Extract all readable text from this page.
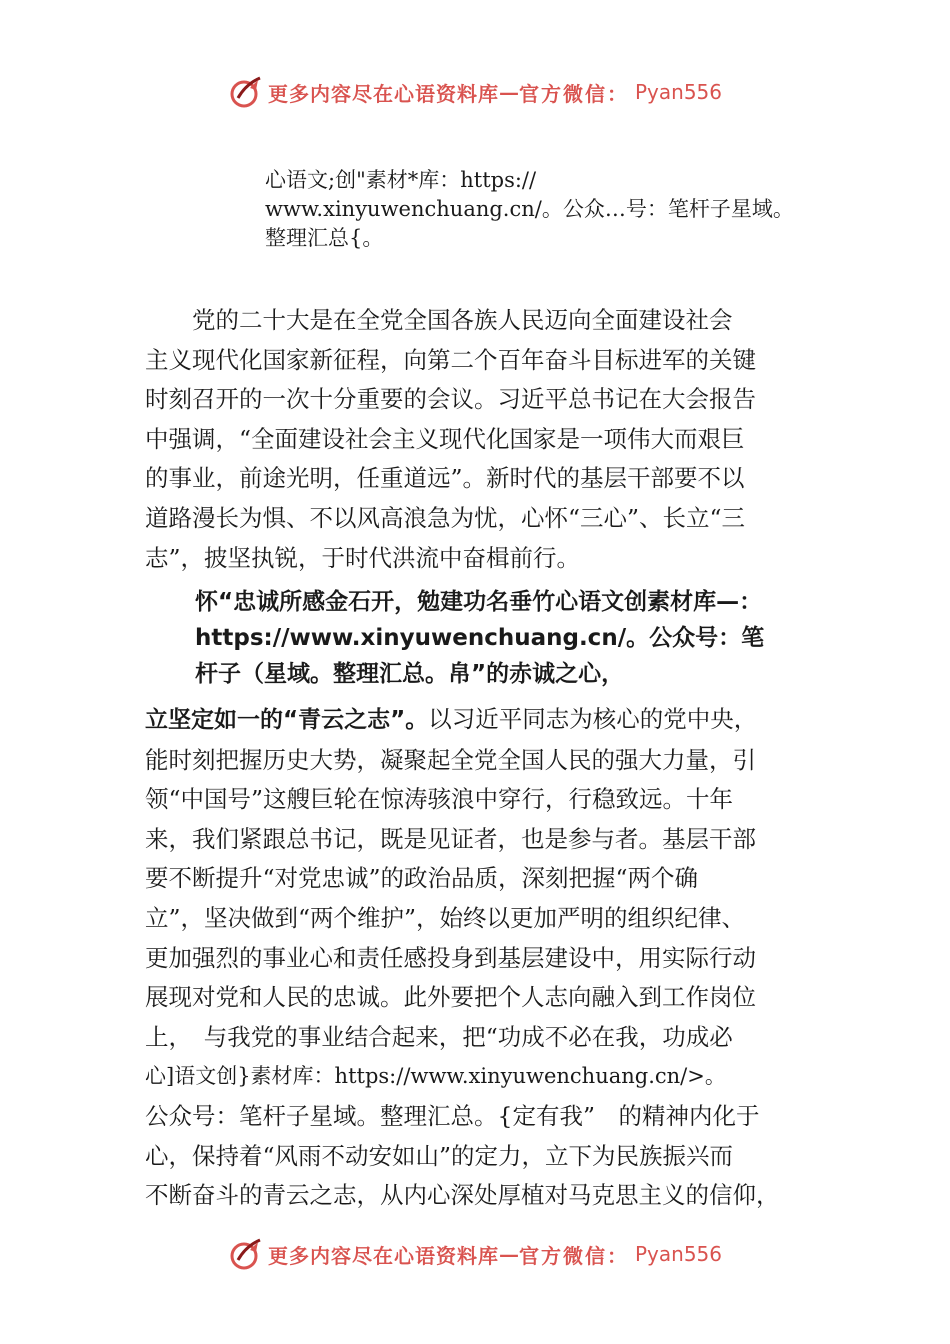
更多内容尽在心语资料库 — 官方微信： Pyan556
心语文;创"素材*库：https://
www.xinyuwenchuang.cn/。公众…号：笔杆子星域。
整理汇总{。
　　党的二十大是在全党全国各族人民迈向全面建设社会
主义现代化国家新征程，向第二个百年奋斗目标进军的关键
时刻召开的一次十分重要的会议。习近平总书记在大会报告
中强调，“全面建设社会主义现代化国家是一项伟大而艰巨
的事业，前途光明，任重道远”。新时代的基层干部要不以
道路漫长为惧、不以风高浪急为忧，心怀“三心”、长立“三
志”，披坚执锐，于时代洪流中奋楫前行。
怀“忠诚所感金石开，勉建功名垂竹心语文创素材库—：
https://www.xinyuwenchuang.cn/。公众号：笔
杆子（星域。整理汇总。帛”的赤诚之心，
立坚定如一的“青云之志”。以习近平同志为核心的党中央，
能时刻把握历史大势，凝聚起全党全国人民的强大力量，引
领“中国号”这艘巨轮在惊涛骇浪中穿行，行稳致远。十年
来，我们紧跟总书记，既是见证者，也是参与者。基层干部
要不断提升“对党忠诚”的政治品质，深刻把握“两个确
立”，坚决做到“两个维护”，始终以更加严明的组织纪律、
更加强烈的事业心和责任感投身到基层建设中，用实际行动
展现对党和人民的忠诚。此外要把个人志向融入到工作岗位
上，　与我党的事业结合起来，把“功成不必在我，功成必
心]语文创}素材库：https://www.xinyuwenchuang.cn/>。
公众号：笔杆子星域。整理汇总。{定有我”　的精神内化于
心，保持着“风雨不动安如山”的定力，立下为民族振兴而
不断奋斗的青云之志，从内心深处厚植对马克思主义的信仰，
更多内容尽在心语资料库 — 官方微信： Pyan556
